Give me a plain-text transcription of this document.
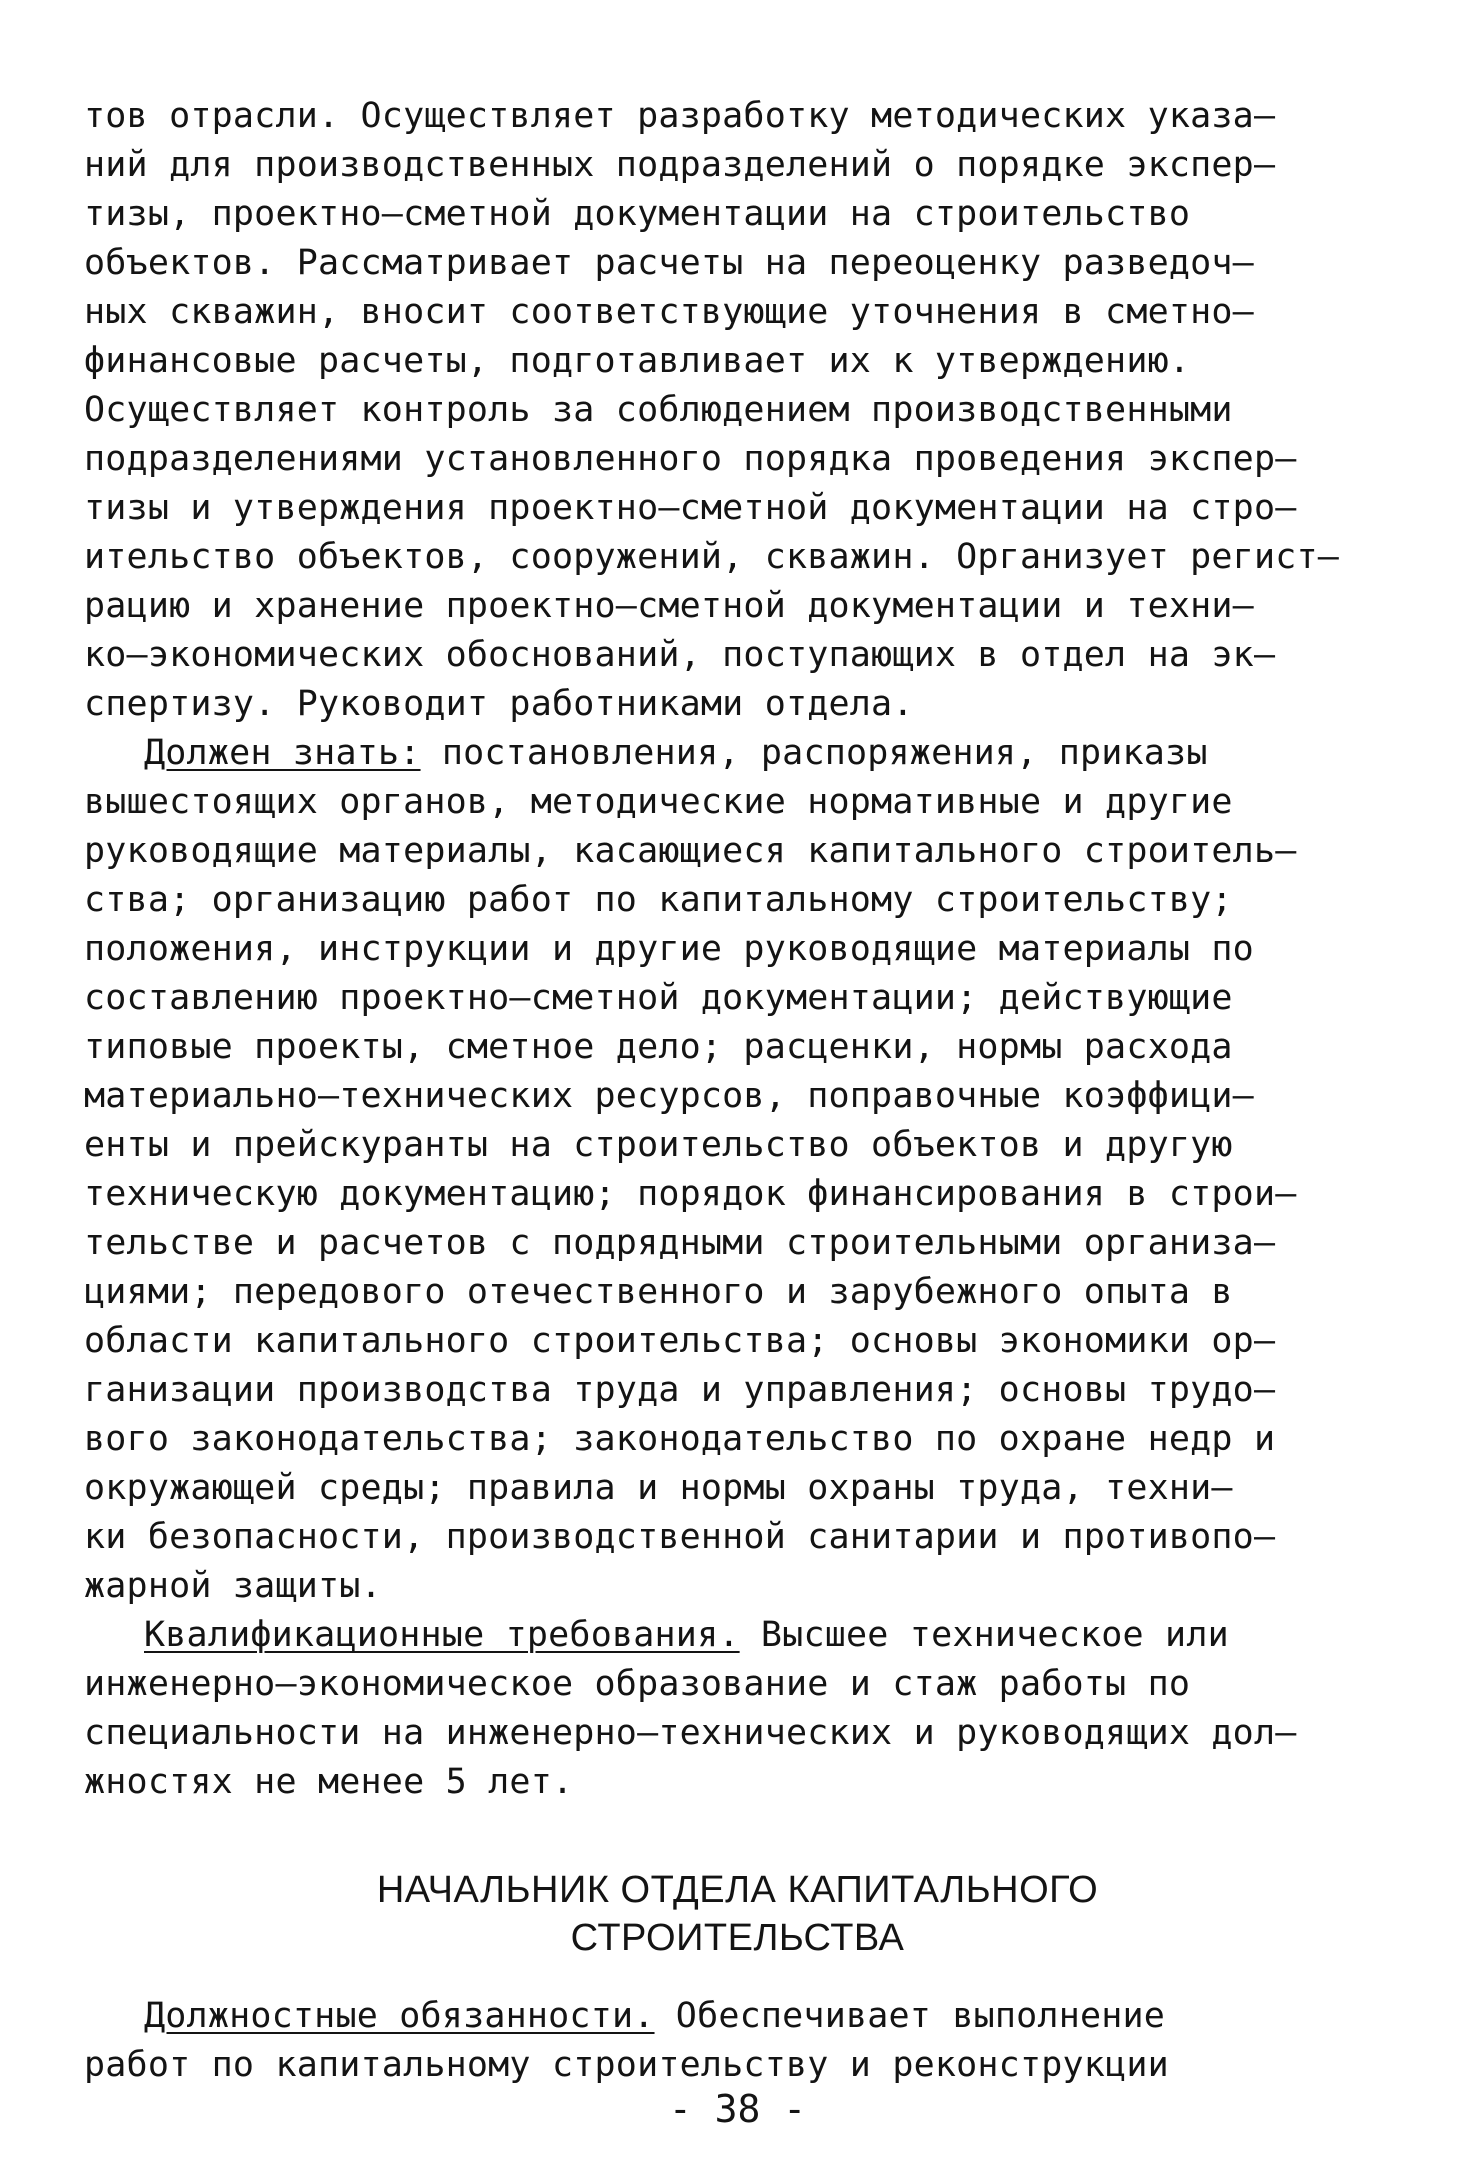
тов отрасли. Осуществляет разработку методических указа–
ний для производственных подразделений о порядке экспер–
тизы, проектно–сметной документации на строительство
объектов. Рассматривает расчеты на переоценку разведоч–
ных скважин, вносит соответствующие уточнения в сметно–
финансовые расчеты, подготавливает их к утверждению.
Осуществляет контроль за соблюдением производственными
подразделениями установленного порядка проведения экспер–
тизы и утверждения проектно–сметной документации на стро–
ительство объектов, сооружений, скважин. Организует регист–
рацию и хранение проектно–сметной документации и техни–
ко–экономических обоснований, поступающих в отдел на эк–
спертизу. Руководит работниками отдела.
Должен знать: постановления, распоряжения, приказы
вышестоящих органов, методические нормативные и другие
руководящие материалы, касающиеся капитального строитель–
ства; организацию работ по капитальному строительству;
положения, инструкции и другие руководящие материалы по
составлению проектно–сметной документации; действующие
типовые проекты, сметное дело; расценки, нормы расхода
материально–технических ресурсов, поправочные коэффици–
енты и прейскуранты на строительство объектов и другую
техническую документацию; порядок финансирования в строи–
тельстве и расчетов с подрядными строительными организа–
циями; передового отечественного и зарубежного опыта в
области капитального строительства; основы экономики ор–
ганизации производства труда и управления; основы трудо–
вого законодательства; законодательство по охране недр и
окружающей среды; правила и нормы охраны труда, техни–
ки безопасности, производственной санитарии и противопо–
жарной защиты.
Квалификационные требования. Высшее техническое или
инженерно–экономическое образование и стаж работы по
специальности на инженерно–технических и руководящих дол–
жностях не менее 5 лет.
НАЧАЛЬНИК ОТДЕЛА КАПИТАЛЬНОГО
СТРОИТЕЛЬСТВА
Должностные обязанности. Обеспечивает выполнение
работ по капитальному строительству и реконструкции
- 38 -
